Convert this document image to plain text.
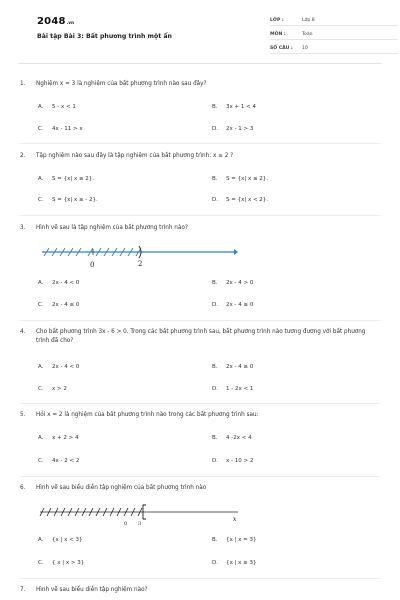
2048.vn
Bài tập Bài 3: Bất phương trình một ẩn
LỚP :	Lớp 8
MÔN :	Toán
SỐ CÂU :	10
1.	Nghiệm x = 3 là nghiệm của bất phương trình nào sau đây?
A.	5 - x < 1	B.	3x + 1 < 4
C.	4x - 11 > x	D.	2x - 1 > 3
2.	Tập nghiệm nào sau đây là tập nghiệm của bất phương trình: x ≤ 2 ?
A.	S = {x| x ≥ 2}.	B.	S = {x| x ≤ 2}.
C.	S = {x| x ≥ - 2}.	D.	S = {x| x < 2}.
3.	Hình vẽ sau là tập nghiệm của bất phương trình nào?
0	2
A.	2x - 4 < 0	B.	2x - 4 > 0
C.	2x - 4 ≤ 0	D.	2x - 4 ≥ 0
4.	Cho bất phương trình 3x - 6 > 0. Trong các bất phương trình sau, bất phương trình nào tương đương với bất phương trình đã cho?
A.	2x - 4 < 0	B.	2x - 4 ≥ 0
C.	x > 2	D.	1 - 2x < 1
5.	Hỏi x = 2 là nghiệm của bất phương trình nào trong các bất phương trình sau:
A.	x + 2 > 4	B.	4 -2x < 4
C.	4x - 2 < 2	D.	x - 10 > 2
6.	Hình vẽ sau biểu diễn tập nghiệm của bất phương trình nào
0 3
x
A.	{x | x < 3}	B.	{x | x = 3}
C.	{ x | x > 3}	D.	{x | x ≥ 3}
7.	Hình vẽ sau biểu diễn tập nghiệm nào?
